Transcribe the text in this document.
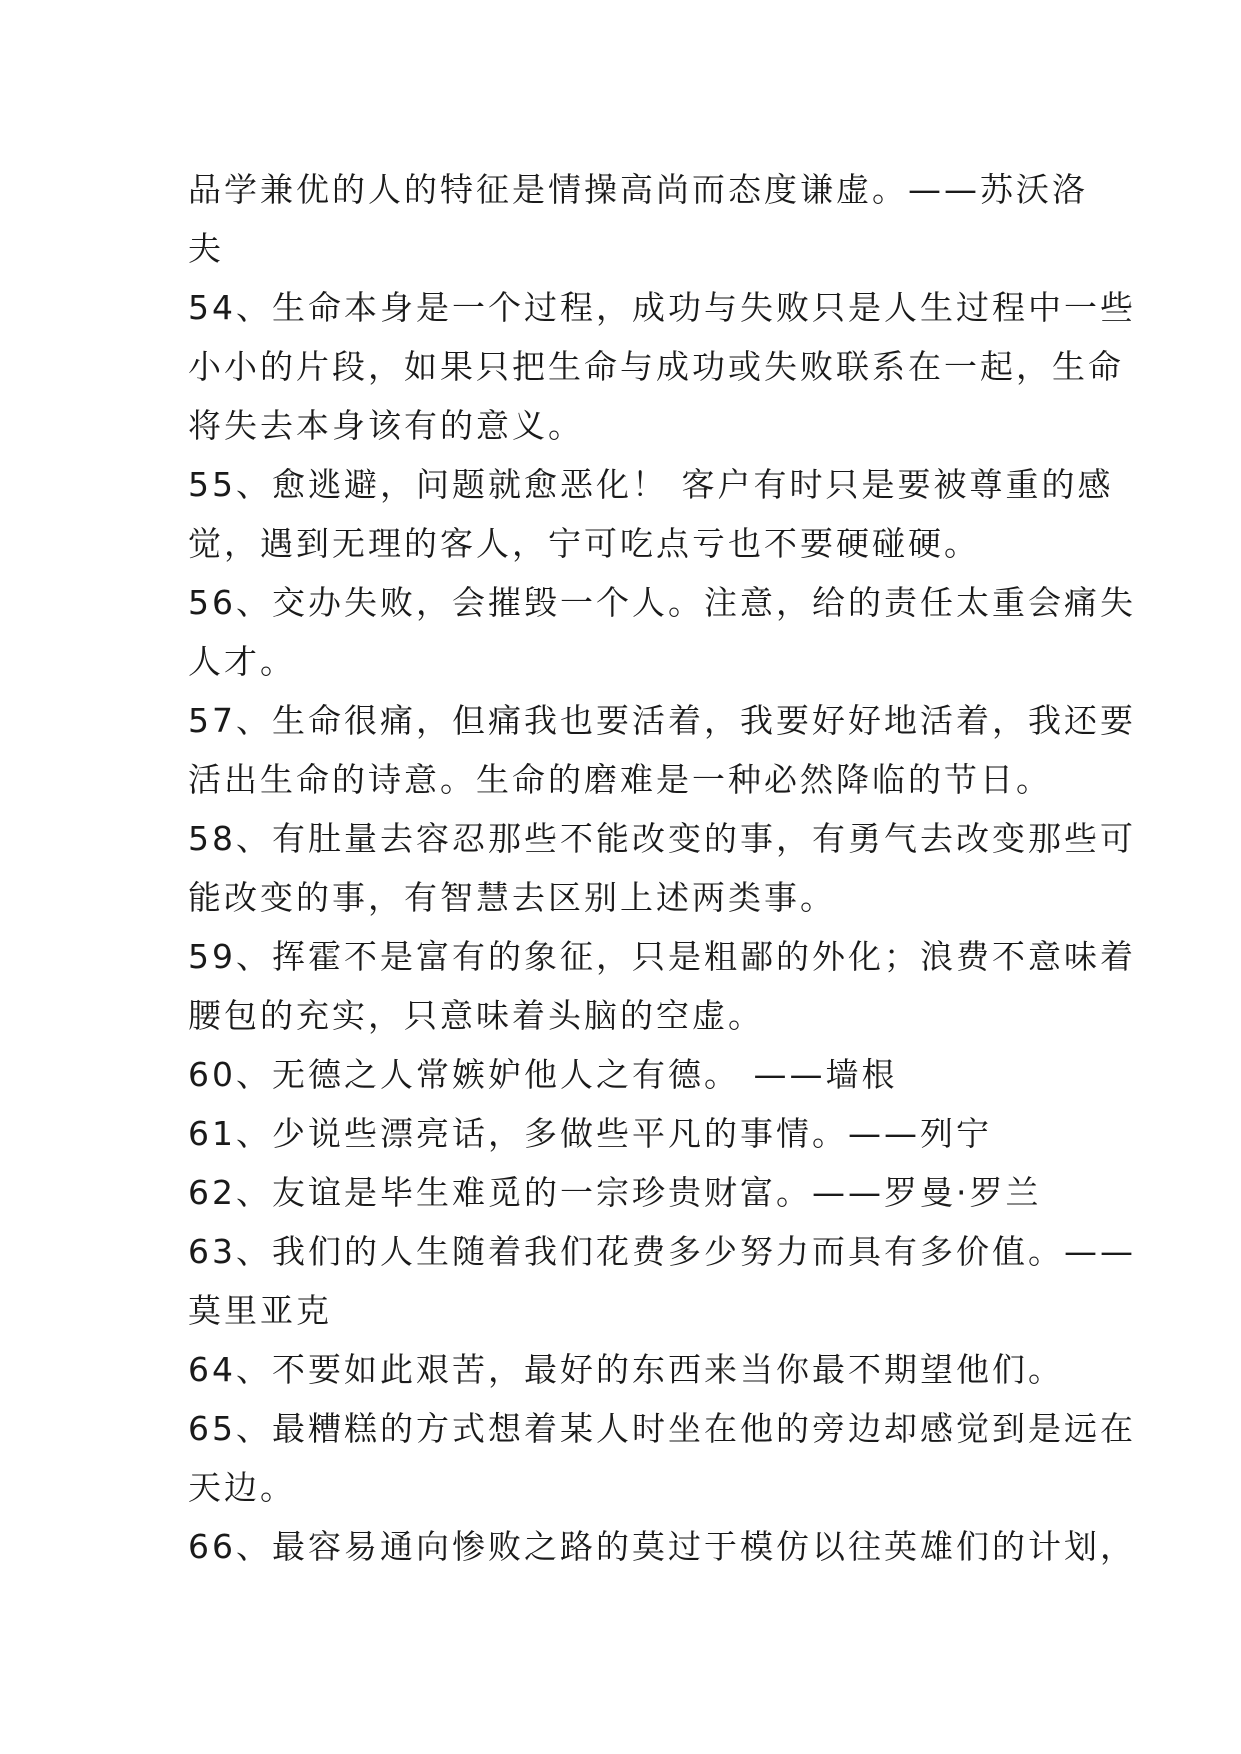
品学兼优的人的特征是情操高尚而态度谦虚。——苏沃洛
夫
54、生命本身是一个过程，成功与失败只是人生过程中一些
小小的片段，如果只把生命与成功或失败联系在一起，生命
将失去本身该有的意义。
55、愈逃避，问题就愈恶化！ 客户有时只是要被尊重的感
觉，遇到无理的客人，宁可吃点亏也不要硬碰硬。
56、交办失败，会摧毁一个人。注意，给的责任太重会痛失
人才。
57、生命很痛，但痛我也要活着，我要好好地活着，我还要
活出生命的诗意。生命的磨难是一种必然降临的节日。
58、有肚量去容忍那些不能改变的事，有勇气去改变那些可
能改变的事，有智慧去区别上述两类事。
59、挥霍不是富有的象征，只是粗鄙的外化；浪费不意味着
腰包的充实，只意味着头脑的空虚。
60、无德之人常嫉妒他人之有德。 ——墙根
61、少说些漂亮话，多做些平凡的事情。——列宁
62、友谊是毕生难觅的一宗珍贵财富。——罗曼·罗兰
63、我们的人生随着我们花费多少努力而具有多价值。——
莫里亚克
64、不要如此艰苦，最好的东西来当你最不期望他们。
65、最糟糕的方式想着某人时坐在他的旁边却感觉到是远在
天边。
66、最容易通向惨败之路的莫过于模仿以往英雄们的计划，
